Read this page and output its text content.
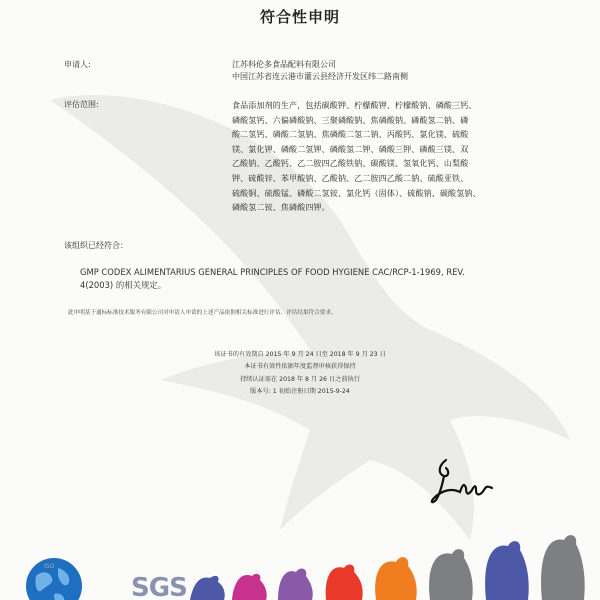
符合性申明
申请人:	江苏科伦多食品配料有限公司
中国江苏省连云港市灌云县经济开发区纬二路南侧
评估范围:	食品添加剂的生产，包括碳酸钾、柠檬酸钾、柠檬酸钠、磷酸三钙、
磷酸氢钙、六偏磷酸钠、三聚磷酸钠、焦磷酸钠、磷酸氢二钠、磷
酸二氢钙、磷酸二氢钠、焦磷酸二氢二钠、丙酸钙、氯化镁、硫酸
镁、氯化钾、磷酸二氢钾、磷酸氢二钾、磷酸三钾、磷酸三镁、双
乙酸钠、乙酸钙、乙二胺四乙酸铁钠、碳酸镁、氢氧化钙、山梨酸
钾、硫酸锌、苯甲酸钠、乙酸钠、乙二胺四乙酸二钠、硫酸亚铁、
硫酸铜、硫酸锰、磷酸二氢铵、氯化钙（固体）、硫酸钠、碳酸氢钠、
磷酸氢二铵、焦磷酸四钾。
该组织已经符合：
GMP CODEX ALIMENTARIUS GENERAL PRINCIPLES OF FOOD HYGIENE CAC/RCP-1-1969, REV.
4(2003) 的相关规定。
此申明基于通标标准技术服务有限公司对申请人申请的上述产品依据相关标准进行评估，评估结果符合要求。
该证书的有效期自 2015 年 9 月 24 日至 2018 年 9 月 23 日
本证书有效性依据年度监督审核获得保持
持续认证需在 2018 年 8 月 26 日之前执行
版本号: 1 初始注册日期 2015-9-24
ISO
SGS
